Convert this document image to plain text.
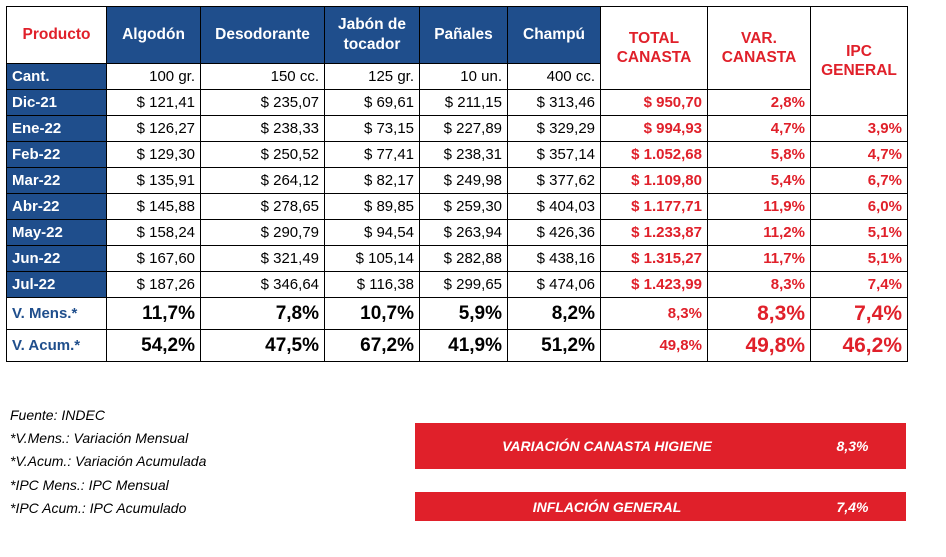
Producto	Algodón	Desodorante	Jabón de tocador	Pañales	Champú	TOTAL CANASTA	VAR. CANASTA	IPC GENERAL
Cant.	100 gr.	150 cc.	125 gr.	10 un.	400 cc.			
Dic-21	$ 121,41	$ 235,07	$ 69,61	$ 211,15	$ 313,46	$ 950,70	2,8%	
Ene-22	$ 126,27	$ 238,33	$ 73,15	$ 227,89	$ 329,29	$ 994,93	4,7%	3,9%
Feb-22	$ 129,30	$ 250,52	$ 77,41	$ 238,31	$ 357,14	$ 1.052,68	5,8%	4,7%
Mar-22	$ 135,91	$ 264,12	$ 82,17	$ 249,98	$ 377,62	$ 1.109,80	5,4%	6,7%
Abr-22	$ 145,88	$ 278,65	$ 89,85	$ 259,30	$ 404,03	$ 1.177,71	11,9%	6,0%
May-22	$ 158,24	$ 290,79	$ 94,54	$ 263,94	$ 426,36	$ 1.233,87	11,2%	5,1%
Jun-22	$ 167,60	$ 321,49	$ 105,14	$ 282,88	$ 438,16	$ 1.315,27	11,7%	5,1%
Jul-22	$ 187,26	$ 346,64	$ 116,38	$ 299,65	$ 474,06	$ 1.423,99	8,3%	7,4%
V. Mens.*	11,7%	7,8%	10,7%	5,9%	8,2%	8,3%	8,3%	7,4%
V. Acum.*	54,2%	47,5%	67,2%	41,9%	51,2%	49,8%	49,8%	46,2%
Fuente: INDEC
*V.Mens.: Variación Mensual
*V.Acum.: Variación Acumulada
*IPC Mens.: IPC Mensual
*IPC Acum.: IPC Acumulado
VARIACIÓN CANASTA HIGIENE	8,3%
INFLACIÓN GENERAL	7,4%
